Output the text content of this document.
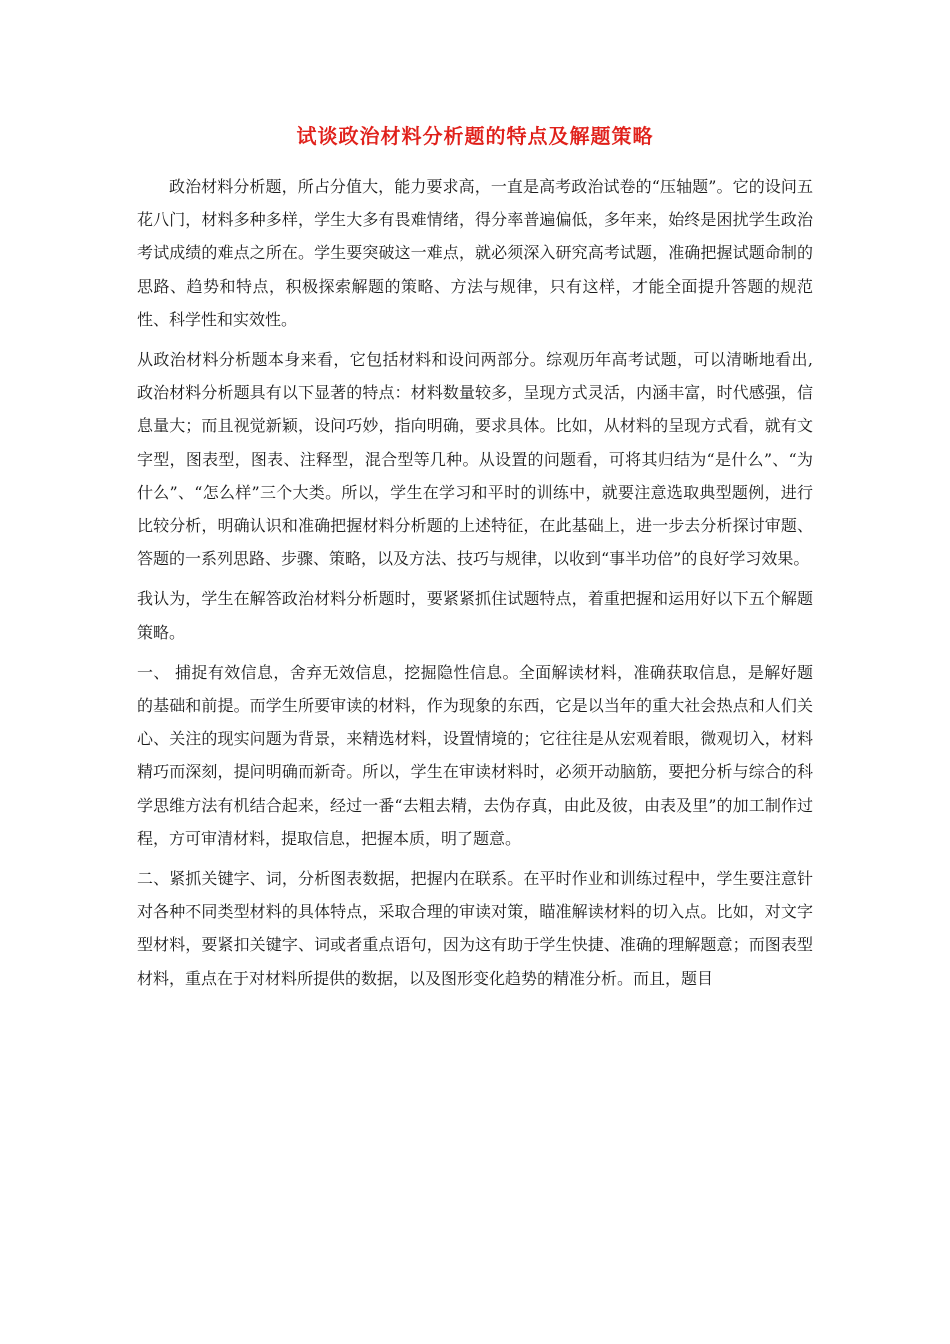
试谈政治材料分析题的特点及解题策略

政治材料分析题，所占分值大，能力要求高，一直是高考政治试卷的“压轴题”。它的设问五花八门，材料多种多样，学生大多有畏难情绪，得分率普遍偏低，多年来，始终是困扰学生政治考试成绩的难点之所在。学生要突破这一难点，就必须深入研究高考试题，准确把握试题命制的思路、趋势和特点，积极探索解题的策略、方法与规律，只有这样，才能全面提升答题的规范性、科学性和实效性。

从政治材料分析题本身来看，它包括材料和设问两部分。综观历年高考试题，可以清晰地看出,政治材料分析题具有以下显著的特点：材料数量较多，呈现方式灵活，内涵丰富，时代感强，信息量大；而且视觉新颖，设问巧妙，指向明确，要求具体。比如，从材料的呈现方式看，就有文字型，图表型，图表、注释型，混合型等几种。从设置的问题看，可将其归结为“是什么”、“为什么”、“怎么样”三个大类。所以，学生在学习和平时的训练中，就要注意选取典型题例，进行比较分析，明确认识和准确把握材料分析题的上述特征，在此基础上，进一步去分析探讨审题、答题的一系列思路、步骤、策略，以及方法、技巧与规律，以收到“事半功倍”的良好学习效果。

我认为，学生在解答政治材料分析题时，要紧紧抓住试题特点，着重把握和运用好以下五个解题策略。

一、 捕捉有效信息，舍弃无效信息，挖掘隐性信息。全面解读材料，准确获取信息，是解好题的基础和前提。而学生所要审读的材料，作为现象的东西，它是以当年的重大社会热点和人们关心、关注的现实问题为背景，来精选材料，设置情境的；它往往是从宏观着眼，微观切入，材料精巧而深刻，提问明确而新奇。所以，学生在审读材料时，必须开动脑筋，要把分析与综合的科学思维方法有机结合起来，经过一番“去粗去精，去伪存真，由此及彼，由表及里”的加工制作过程，方可审清材料，提取信息，把握本质，明了题意。

二、紧抓关键字、词，分析图表数据，把握内在联系。在平时作业和训练过程中，学生要注意针对各种不同类型材料的具体特点，采取合理的审读对策，瞄准解读材料的切入点。比如，对文字型材料，要紧扣关键字、词或者重点语句，因为这有助于学生快捷、准确的理解题意；而图表型材料，重点在于对材料所提供的数据，以及图形变化趋势的精准分析。而且，题目
